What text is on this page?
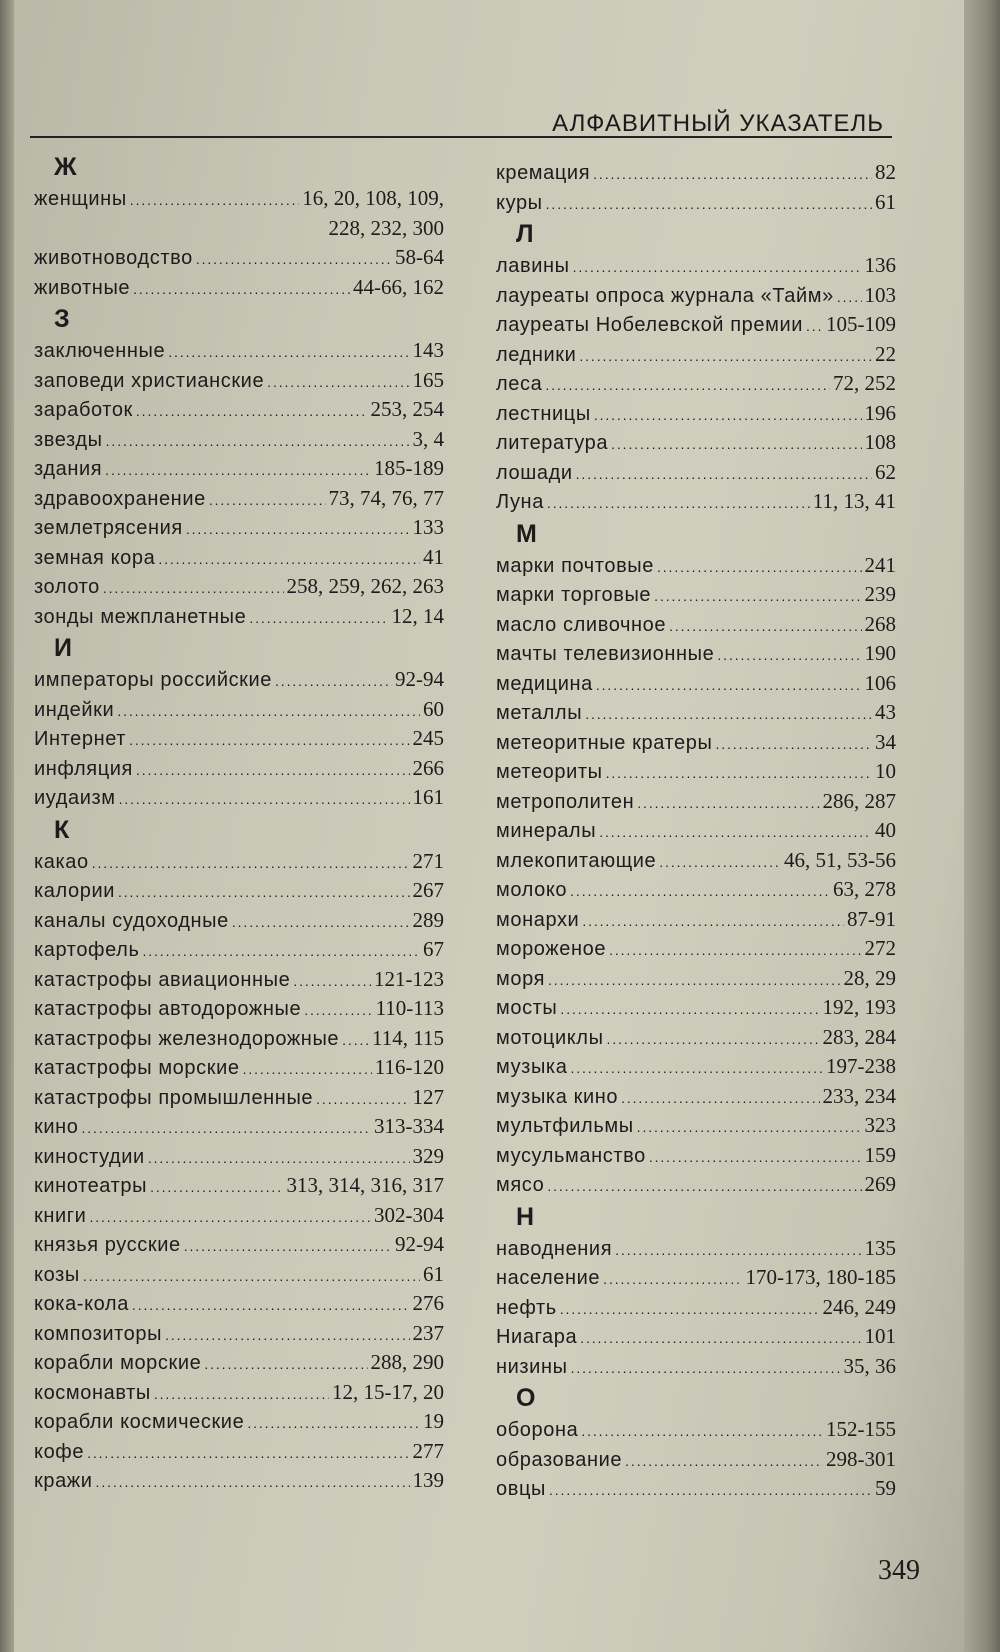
АЛФАВИТНЫЙ УКАЗАТЕЛЬ
Ж
женщины . . .	16, 20, 108, 109,
228, 232, 300
животноводство . . .	58-64
животные . . .	44-66, 162
З
заключенные . . .	143
заповеди христианские . . .	165
заработок . . .	253, 254
звезды . . .	3, 4
здания . . .	185-189
здравоохранение . . .	73, 74, 76, 77
землетрясения . . .	133
земная кора . . .	41
золото . . .	258, 259, 262, 263
зонды межпланетные . . .	12, 14
И
императоры российские . . .	92-94
индейки . . .	60
Интернет . . .	245
инфляция . . .	266
иудаизм . . .	161
К
какао . . .	271
калории . . .	267
каналы судоходные . . .	289
картофель . . .	67
катастрофы авиационные . . .	121-123
катастрофы автодорожные . . .	110-113
катастрофы железнодорожные . . . 114, 115
катастрофы морские . . .	116-120
катастрофы промышленные . . .	127
кино . . .	313-334
киностудии . . .	329
кинотеатры . . .	313, 314, 316, 317
книги . . .	302-304
князья русские . . .	92-94
козы . . .	61
кока-кола . . .	276
композиторы . . .	237
корабли морские . . .	288, 290
космонавты . . .	12, 15-17, 20
корабли космические . . .	19
кофе . . .	277
кражи . . .	139
кремация . . .	82
куры . . .	61
Л
лавины . . .	136
лауреаты опроса журнала «Тайм» . . . 103
лауреаты Нобелевской премии . . . 105-109
ледники . . .	22
леса . . .	72, 252
лестницы . . .	196
литература . . .	108
лошади . . .	62
Луна . . .	11, 13, 41
М
марки почтовые . . .	241
марки торговые . . .	239
масло сливочное . . .	268
мачты телевизионные . . .	190
медицина . . .	106
металлы . . .	43
метеоритные кратеры . . .	34
метеориты . . .	10
метрополитен . . .	286, 287
минералы . . .	40
млекопитающие . . .	46, 51, 53-56
молоко . . .	63, 278
монархи . . .	87-91
мороженое . . .	272
моря . . .	28, 29
мосты . . .	192, 193
мотоциклы . . .	283, 284
музыка . . .	197-238
музыка кино . . .	233, 234
мультфильмы . . .	323
мусульманство . . .	159
мясо . . .	269
Н
наводнения . . .	135
население . . .	170-173, 180-185
нефть . . .	246, 249
Ниагара . . .	101
низины . . .	35, 36
О
оборона . . .	152-155
образование . . .	298-301
овцы . . .	59
349
